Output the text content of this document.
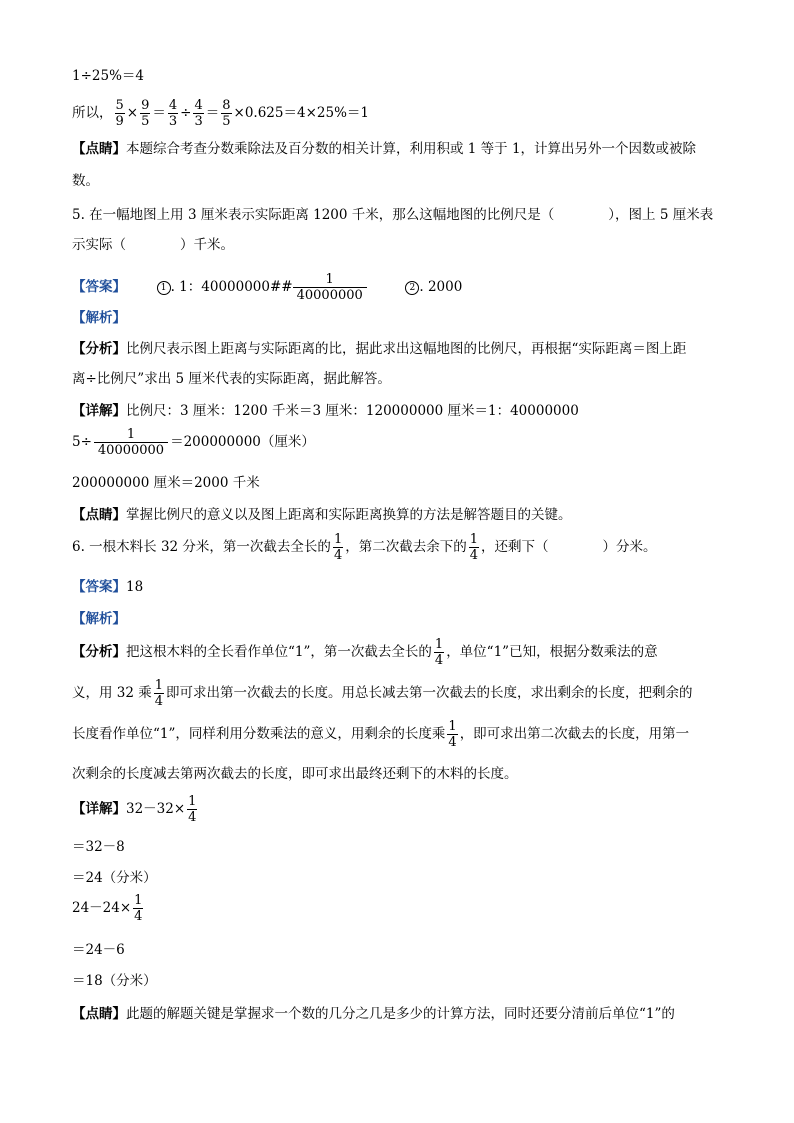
1÷25%＝4
所以， $\frac{5}{9} \times \frac{9}{5} = \frac{4}{3} \div \frac{4}{3} = \frac{8}{5} \times 0.625=4\times 25\%=1$
【点睛】本题综合考查分数乘除法及百分数的相关计算，利用积或 1 等于 1，计算出另外一个因数或被除
数。
5. 在一幅地图上用 3 厘米表示实际距离 1200 千米，那么这幅地图的比例尺是（　　　　），图上 5 厘米表
示实际（　　　　）千米。
【答案】	1 . 1：40000000## $\frac{1}{40000000}$	2 . 2000
【解析】
【分析】比例尺表示图上距离与实际距离的比，据此求出这幅地图的比例尺，再根据“实际距离＝图上距
离÷比例尺”求出 5 厘米代表的实际距离，据此解答。
【详解】比例尺：3 厘米：1200 千米＝3 厘米：120000000 厘米＝1：40000000
$5\div \frac{1}{40000000} =200000000$（厘米）
200000000 厘米＝2000 千米
【点睛】掌握比例尺的意义以及图上距离和实际距离换算的方法是解答题目的关键。
6. 一根木料长 32 分米，第一次截去全长的 $\frac{1}{4}$ ，第二次截去余下的 $\frac{1}{4}$ ，还剩下（　　　　）分米。
【答案】18
【解析】
【分析】把这根木料的全长看作单位“1”，第一次截去全长的 $\frac{1}{4}$ ，单位“1”已知，根据分数乘法的意
义，用 32 乘 $\frac{1}{4}$ 即可求出第一次截去的长度。用总长减去第一次截去的长度，求出剩余的长度，把剩余的
长度看作单位“1”，同样利用分数乘法的意义，用剩余的长度乘 $\frac{1}{4}$ ，即可求出第二次截去的长度，用第一
次剩余的长度减去第两次截去的长度，即可求出最终还剩下的木料的长度。
【详解】$32-32\times \frac{1}{4}$
＝32－8
＝24（分米）
$24-24\times \frac{1}{4}$
＝24－6
＝18（分米）
【点睛】此题的解题关键是掌握求一个数的几分之几是多少的计算方法，同时还要分清前后单位“1”的
